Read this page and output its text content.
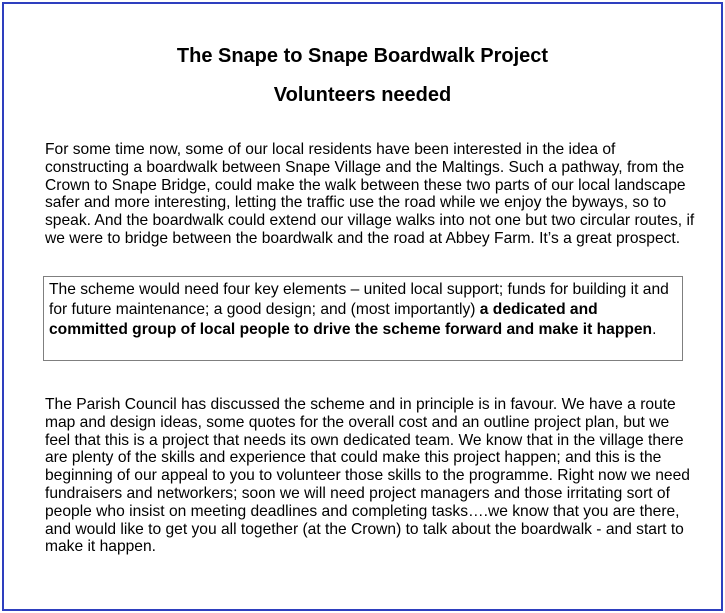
The Snape to Snape Boardwalk Project
Volunteers needed

For some time now, some of our local residents have been interested in the idea of constructing a boardwalk between Snape Village and the Maltings. Such a pathway, from the Crown to Snape Bridge, could make the walk between these two parts of our local landscape safer and more interesting, letting the traffic use the road while we enjoy the byways, so to speak. And the boardwalk could extend our village walks into not one but two circular routes, if we were to bridge between the boardwalk and the road at Abbey Farm. It’s a great prospect.

The scheme would need four key elements – united local support; funds for building it and for future maintenance; a good design; and (most importantly) a dedicated and committed group of local people to drive the scheme forward and make it happen.

The Parish Council has discussed the scheme and in principle is in favour. We have a route map and design ideas, some quotes for the overall cost and an outline project plan, but we feel that this is a project that needs its own dedicated team. We know that in the village there are plenty of the skills and experience that could make this project happen; and this is the beginning of our appeal to you to volunteer those skills to the programme. Right now we need fundraisers and networkers; soon we will need project managers and those irritating sort of people who insist on meeting deadlines and completing tasks….we know that you are there, and would like to get you all together (at the Crown) to talk about the boardwalk - and start to make it happen.
